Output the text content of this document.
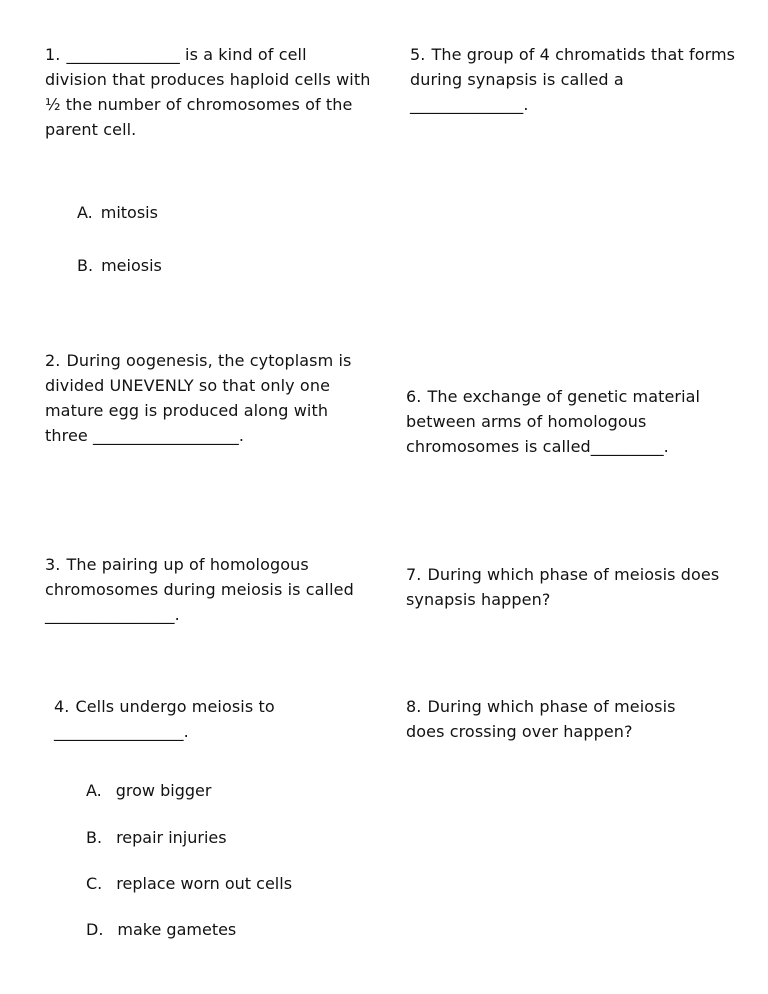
1. ______________ is a kind of cell division that produces haploid cells with ½ the number of chromosomes of the parent cell.
A. mitosis
B. meiosis
2. During oogenesis, the cytoplasm is divided UNEVENLY so that only one mature egg is produced along with three __________________.
3. The pairing up of homologous chromosomes during meiosis is called ________________.
4. Cells undergo meiosis to ________________.
A. grow bigger
B. repair injuries
C. replace worn out cells
D. make gametes
5. The group of 4 chromatids that forms during synapsis is called a ______________.
6. The exchange of genetic material between arms of homologous chromosomes is called_________.
7. During which phase of meiosis does synapsis happen?
8. During which phase of meiosis does crossing over happen?
